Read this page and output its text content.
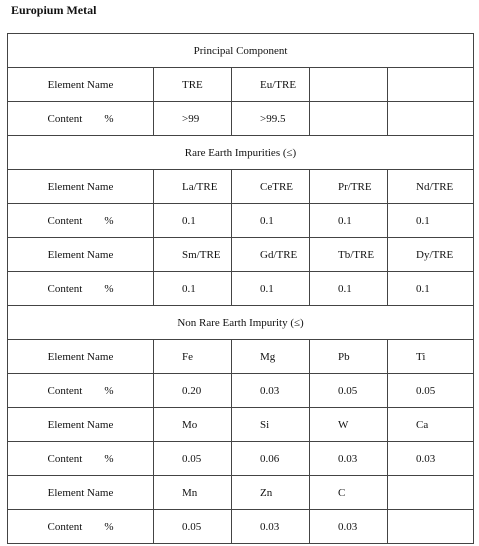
Europium Metal
Principal Component				
Element Name	TRE	Eu/TRE		
Content %	>99	>99.5		
Rare Earth Impurities (≤)				
Element Name	La/TRE	CeTRE	Pr/TRE	Nd/TRE
Content %	0.1	0.1	0.1	0.1
Element Name	Sm/TRE	Gd/TRE	Tb/TRE	Dy/TRE
Content %	0.1	0.1	0.1	0.1
Non Rare Earth Impurity (≤)				
Element Name	Fe	Mg	Pb	Ti
Content %	0.20	0.03	0.05	0.05
Element Name	Mo	Si	W	Ca
Content %	0.05	0.06	0.03	0.03
Element Name	Mn	Zn	C	
Content %	0.05	0.03	0.03	
